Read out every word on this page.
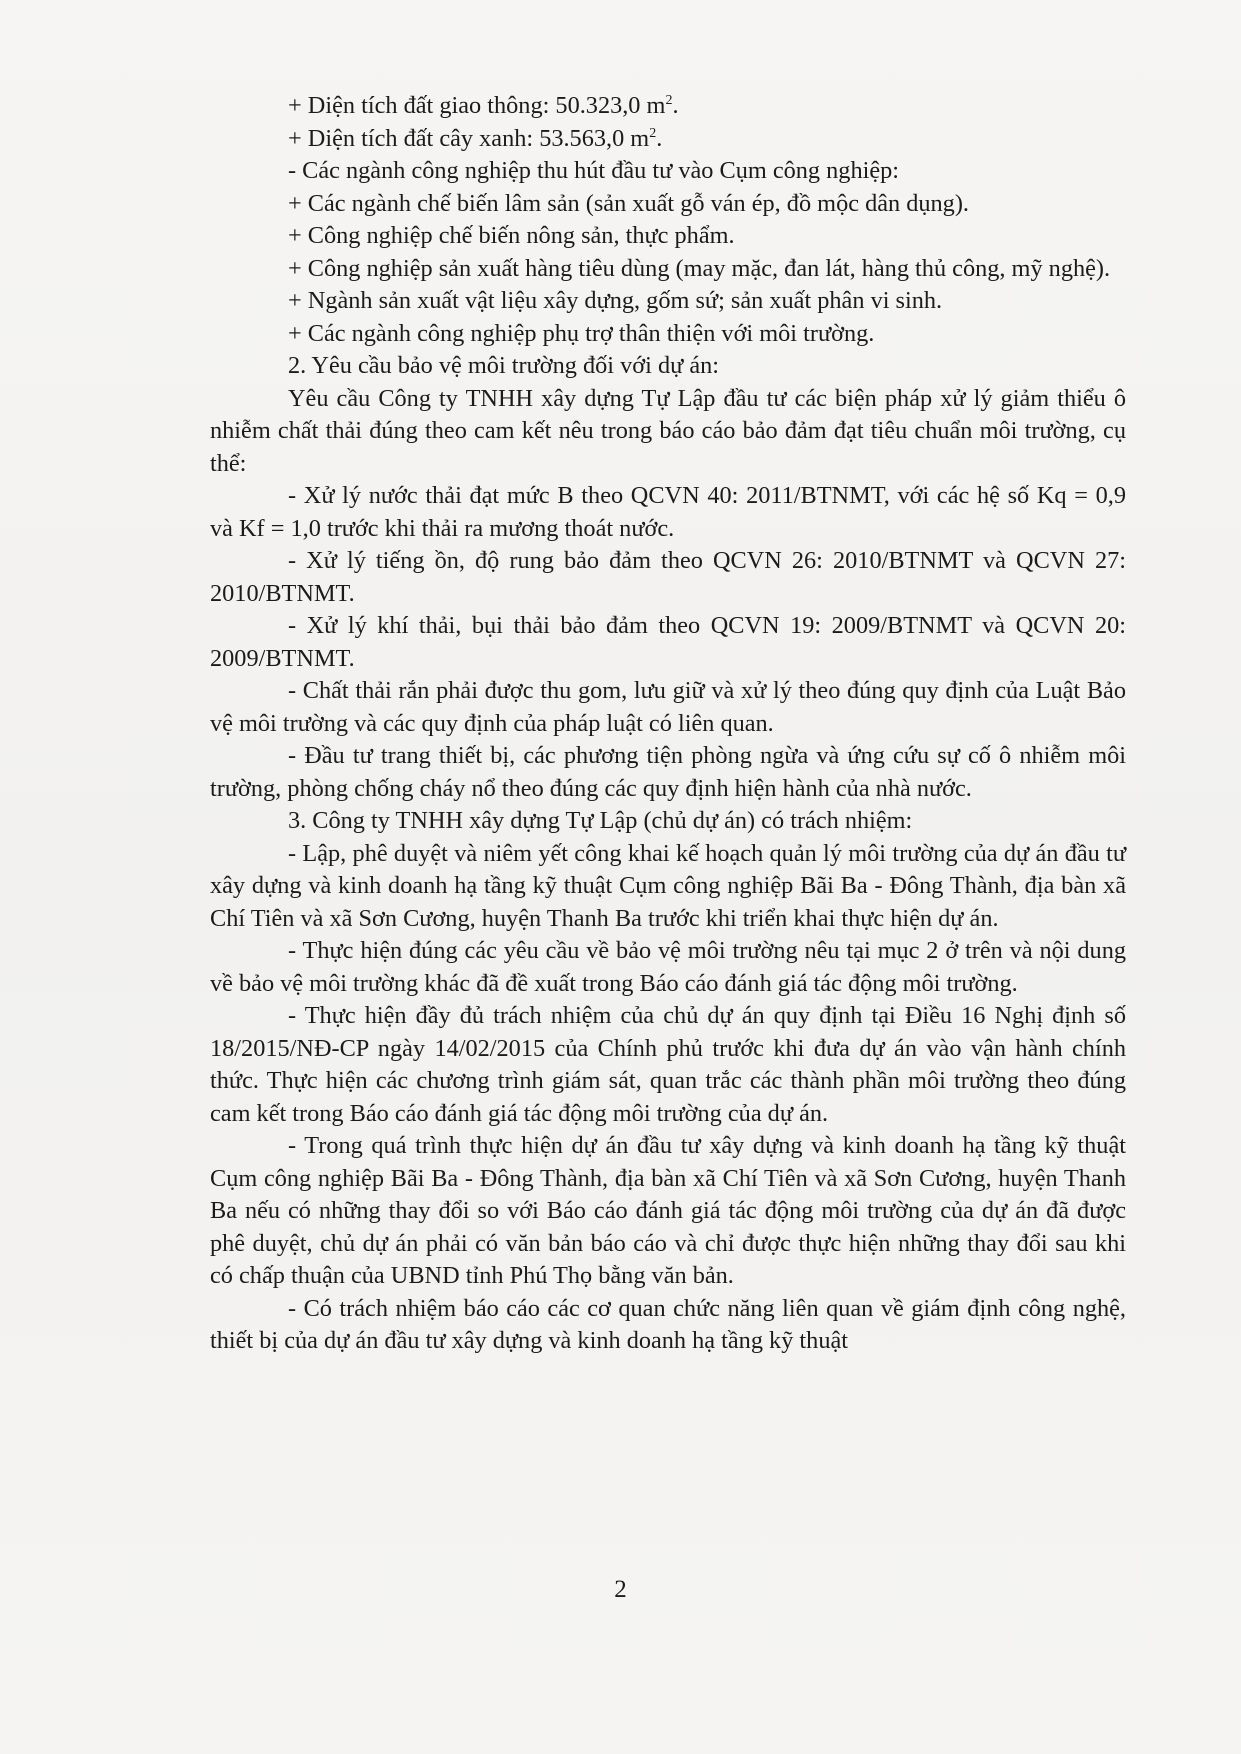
+ Diện tích đất giao thông: 50.323,0 $m^2$.

+ Diện tích đất cây xanh: 53.563,0 $m^2$.

- Các ngành công nghiệp thu hút đầu tư vào Cụm công nghiệp:

+ Các ngành chế biến lâm sản (sản xuất gỗ ván ép, đồ mộc dân dụng).

+ Công nghiệp chế biến nông sản, thực phẩm.

+ Công nghiệp sản xuất hàng tiêu dùng (may mặc, đan lát, hàng thủ công, mỹ nghệ).

+ Ngành sản xuất vật liệu xây dựng, gốm sứ; sản xuất phân vi sinh.

+ Các ngành công nghiệp phụ trợ thân thiện với môi trường.

2. Yêu cầu bảo vệ môi trường đối với dự án:

Yêu cầu Công ty TNHH xây dựng Tự Lập đầu tư các biện pháp xử lý giảm thiểu ô nhiễm chất thải đúng theo cam kết nêu trong báo cáo bảo đảm đạt tiêu chuẩn môi trường, cụ thể:

- Xử lý nước thải đạt mức B theo QCVN 40: 2011/BTNMT, với các hệ số Kq = 0,9 và Kf = 1,0 trước khi thải ra mương thoát nước.

- Xử lý tiếng ồn, độ rung bảo đảm theo QCVN 26: 2010/BTNMT và QCVN 27: 2010/BTNMT.

- Xử lý khí thải, bụi thải bảo đảm theo QCVN 19: 2009/BTNMT và QCVN 20: 2009/BTNMT.

- Chất thải rắn phải được thu gom, lưu giữ và xử lý theo đúng quy định của Luật Bảo vệ môi trường và các quy định của pháp luật có liên quan.

- Đầu tư trang thiết bị, các phương tiện phòng ngừa và ứng cứu sự cố ô nhiễm môi trường, phòng chống cháy nổ theo đúng các quy định hiện hành của nhà nước.

3. Công ty TNHH xây dựng Tự Lập (chủ dự án) có trách nhiệm:

- Lập, phê duyệt và niêm yết công khai kế hoạch quản lý môi trường của dự án đầu tư xây dựng và kinh doanh hạ tầng kỹ thuật Cụm công nghiệp Bãi Ba - Đông Thành, địa bàn xã Chí Tiên và xã Sơn Cương, huyện Thanh Ba trước khi triển khai thực hiện dự án.

- Thực hiện đúng các yêu cầu về bảo vệ môi trường nêu tại mục 2 ở trên và nội dung về bảo vệ môi trường khác đã đề xuất trong Báo cáo đánh giá tác động môi trường.

- Thực hiện đầy đủ trách nhiệm của chủ dự án quy định tại Điều 16 Nghị định số 18/2015/NĐ-CP ngày 14/02/2015 của Chính phủ trước khi đưa dự án vào vận hành chính thức. Thực hiện các chương trình giám sát, quan trắc các thành phần môi trường theo đúng cam kết trong Báo cáo đánh giá tác động môi trường của dự án.

- Trong quá trình thực hiện dự án đầu tư xây dựng và kinh doanh hạ tầng kỹ thuật Cụm công nghiệp Bãi Ba - Đông Thành, địa bàn xã Chí Tiên và xã Sơn Cương, huyện Thanh Ba nếu có những thay đổi so với Báo cáo đánh giá tác động môi trường của dự án đã được phê duyệt, chủ dự án phải có văn bản báo cáo và chỉ được thực hiện những thay đổi sau khi có chấp thuận của UBND tỉnh Phú Thọ bằng văn bản.

- Có trách nhiệm báo cáo các cơ quan chức năng liên quan về giám định công nghệ, thiết bị của dự án đầu tư xây dựng và kinh doanh hạ tầng kỹ thuật

2
